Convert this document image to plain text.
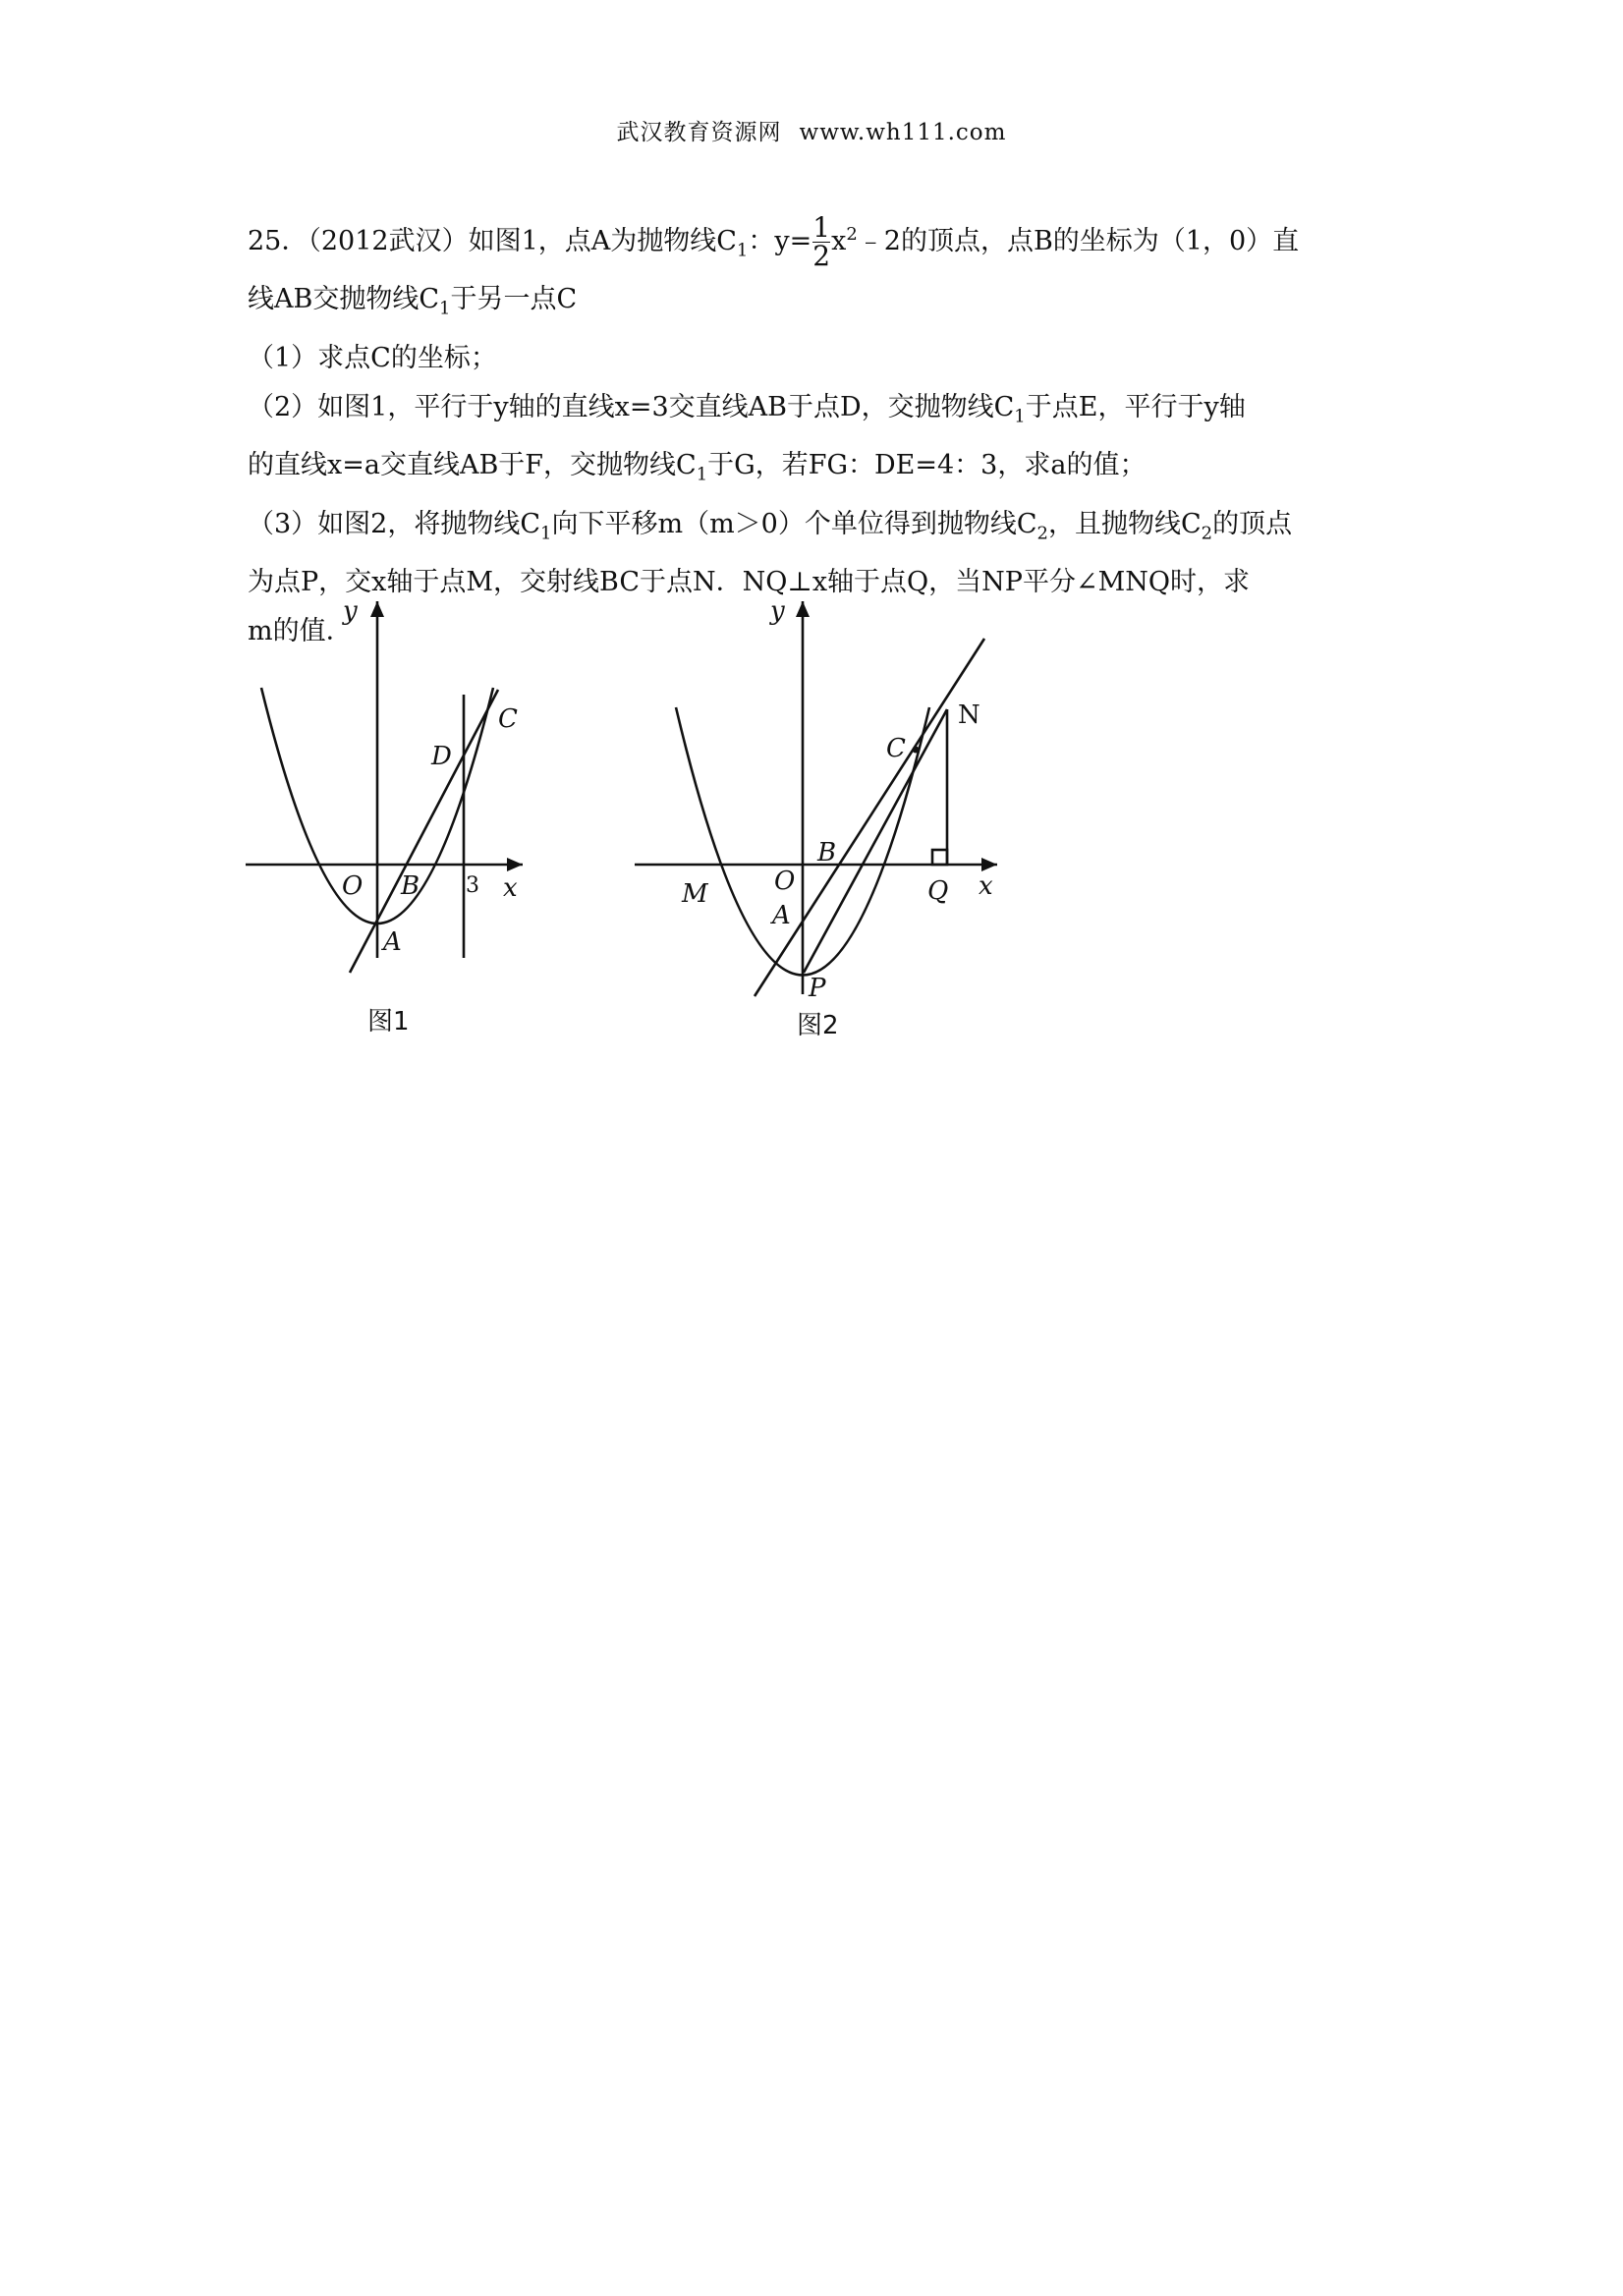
武汉教育资源网 www.wh111.com
25．（2012武汉）如图1，点A为抛物线$C_1$：$y= \frac{1}{2}$ $x^2﹣2$的顶点，点B的坐标为（1，0）直
线AB交抛物线$C_1$于另一点C
（1）求点C的坐标；
（2）如图1，平行于y轴的直线x=3交直线AB于点D，交抛物线$C_1$于点E，平行于y轴
的直线x=a交直线AB于F，交抛物线$C_1$于G，若FG：DE=4：3，求a的值；
（3）如图2，将抛物线$C_1$向下平移m（m＞0）个单位得到抛物线$C_2$，且抛物线$C_2$的顶点
为点P，交x轴于点M，交射线BC于点N．NQ⊥x轴于点Q，当NP平分∠MNQ时，求
m的值．
O B
A
C
D
3 x
y
图1
O
B
A
C
N
M
P
Q x
y
图2
